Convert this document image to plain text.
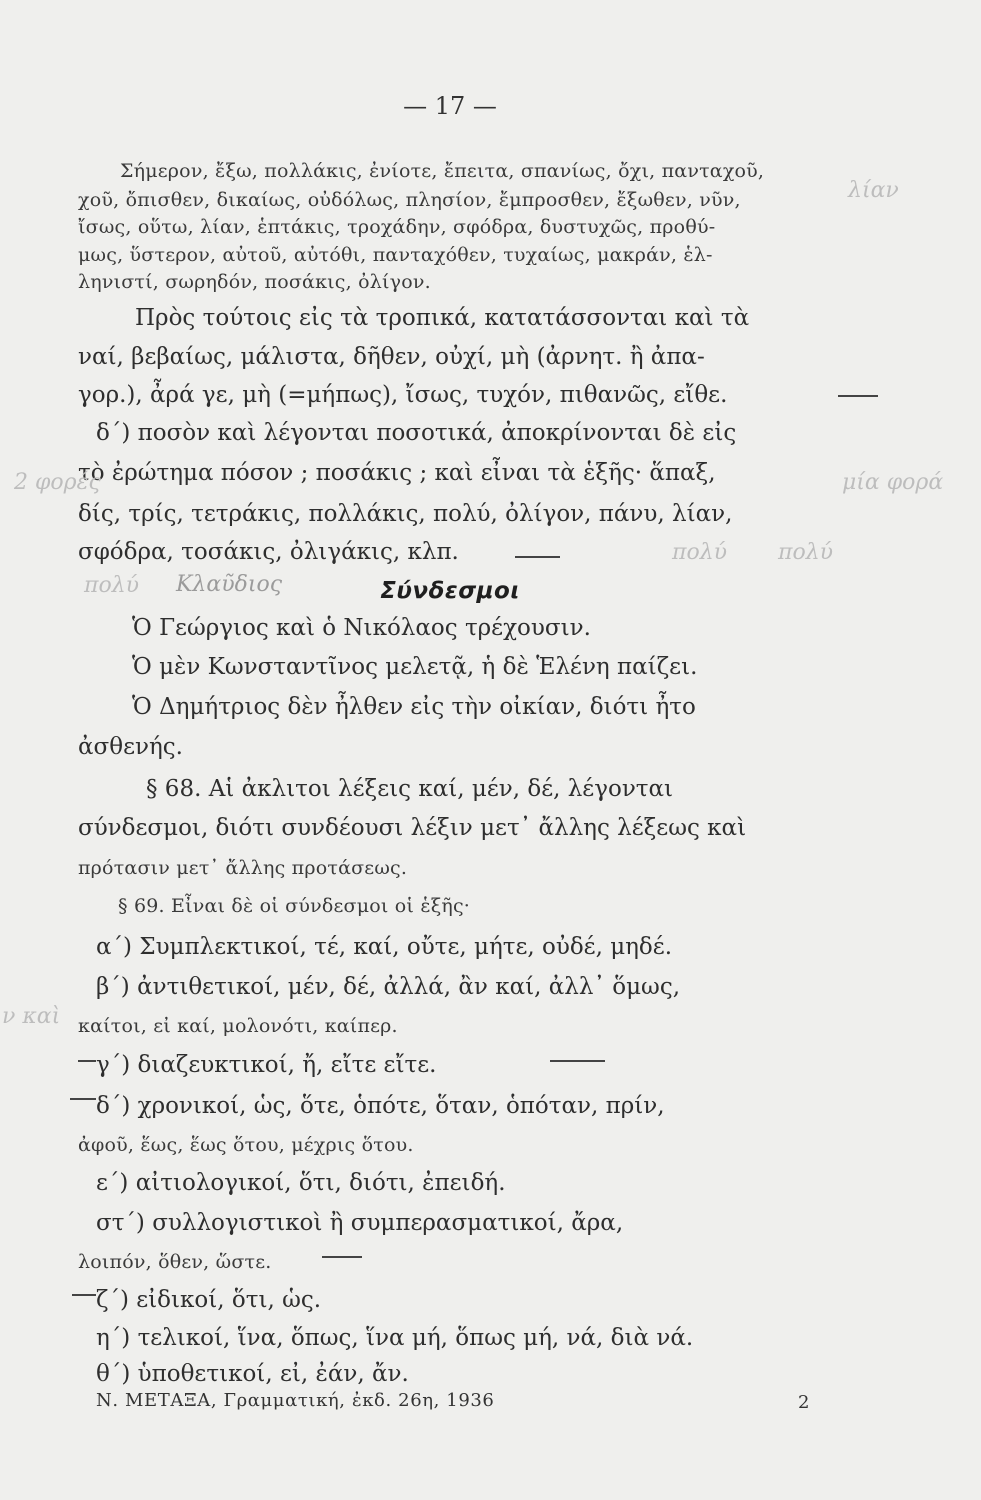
— 17 —
Σήμερον, ἔξω, πολλάκις, ἐνίοτε, ἔπειτα, σπανίως, ὄχι, πανταχοῦ,
χοῦ, ὄπισθεν, δικαίως, οὐδόλως, πλησίον, ἔμπροσθεν, ἔξωθεν, νῦν,
ἴσως, οὕτω, λίαν, ἑπτάκις, τροχάδην, σφόδρα, δυστυχῶς, προθύ-
μως, ὕστερον, αὐτοῦ, αὐτόθι, πανταχόθεν, τυχαίως, μακράν, ἑλ-
ληνιστί, σωρηδόν, ποσάκις, ὀλίγον.
Πρὸς τούτοις εἰς τὰ τροπικά, κατατάσσονται καὶ τὰ
ναί, βεβαίως, μάλιστα, δῆθεν, οὐχί, μὴ (ἀρνητ. ἢ ἀπα-
γορ.), ἆρά γε, μὴ (=μήπως), ἴσως, τυχόν, πιθανῶς, εἴθε.
δ΄) ποσὸν καὶ λέγονται ποσοτικά, ἀποκρίνονται δὲ εἰς
τὸ ἐρώτημα πόσον ; ποσάκις ; καὶ εἶναι τὰ ἑξῆς· ἅπαξ,
δίς, τρίς, τετράκις, πολλάκις, πολύ, ὀλίγον, πάνυ, λίαν,
σφόδρα, τοσάκις, ὀλιγάκις, κλπ.
Σύνδεσμοι
Ὁ Γεώργιος καὶ ὁ Νικόλαος τρέχουσιν.
Ὁ μὲν Κωνσταντῖνος μελετᾷ, ἡ δὲ Ἑλένη παίζει.
Ὁ Δημήτριος δὲν ἦλθεν εἰς τὴν οἰκίαν, διότι ἦτο
ἀσθενής.
§ 68. Αἱ ἀκλιτοι λέξεις καί, μέν, δέ, λέγονται
σύνδεσμοι, διότι συνδέουσι λέξιν μετ᾽ ἄλλης λέξεως καὶ
πρότασιν μετ᾽ ἄλλης προτάσεως.
§ 69. Εἶναι δὲ οἱ σύνδεσμοι οἱ ἑξῆς·
α΄) Συμπλεκτικοί, τέ, καί, οὔτε, μήτε, οὐδέ, μηδέ.
β΄) ἀντιθετικοί, μέν, δέ, ἀλλά, ἂν καί, ἀλλ᾽ ὅμως,
καίτοι, εἰ καί, μολονότι, καίπερ.
γ΄) διαζευκτικοί, ἤ, εἴτε εἴτε.
δ΄) χρονικοί, ὡς, ὅτε, ὁπότε, ὅταν, ὁπόταν, πρίν,
ἀφοῦ, ἕως, ἕως ὅτου, μέχρις ὅτου.
ε΄) αἰτιολογικοί, ὅτι, διότι, ἐπειδή.
στ΄) συλλογιστικοὶ ἢ συμπερασματικοί, ἄρα,
λοιπόν, ὅθεν, ὥστε.
ζ΄) εἰδικοί, ὅτι, ὡς.
η΄) τελικοί, ἵνα, ὅπως, ἵνα μή, ὅπως μή, νά, διὰ νά.
θ΄) ὑποθετικοί, εἰ, ἐάν, ἄν.
Ν. ΜΕΤΑΞΑ, Γραμματική, ἐκδ. 26η, 1936	2
λίαν
2 φορές	μία φορά
πολύ πολύ
πολύ Κλαῦδιος
ν καὶ
